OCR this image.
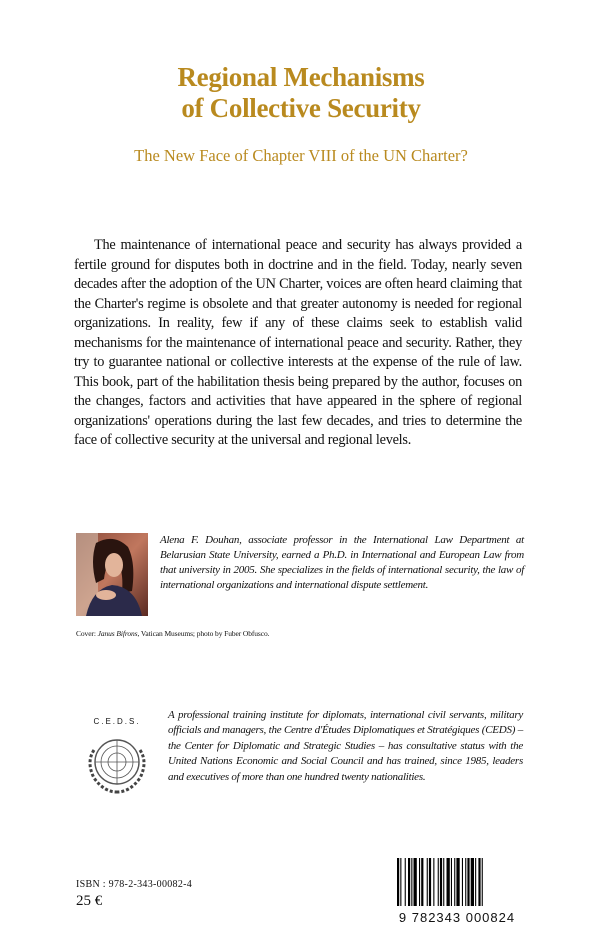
Regional Mechanisms
of Collective Security
The New Face of Chapter VIII of the UN Charter?

The maintenance of international peace and security has always provided a fertile ground for disputes both in doctrine and in the field. Today, nearly seven decades after the adoption of the UN Charter, voices are often heard claiming that the Charter's regime is obsolete and that greater autonomy is needed for regional organizations. In reality, few if any of these claims seek to establish valid mechanisms for the maintenance of international peace and security. Rather, they try to guarantee national or collective interests at the expense of the rule of law. This book, part of the habilitation thesis being prepared by the author, focuses on the changes, factors and activities that have appeared in the sphere of regional organizations' operations during the last few decades, and tries to determine the face of collective security at the universal and regional levels.

Alena F. Douhan, associate professor in the International Law Department at Belarusian State University, earned a Ph.D. in International and European Law from that university in 2005. She specializes in the fields of international security, the law of international organizations and international dispute settlement.

Cover: Janus Bifrons, Vatican Museums; photo by Fuber Obfusco.
C.E.D.S.

A professional training institute for diplomats, international civil servants, military officials and managers, the Centre d'Études Diplomatiques et Stratégiques (CEDS) – the Center for Diplomatic and Strategic Studies – has consultative status with the United Nations Economic and Social Council and has trained, since 1985, leaders and executives of more than one hundred twenty nationalities.

ISBN : 978-2-343-00082-4
25 €
9 782343 000824
